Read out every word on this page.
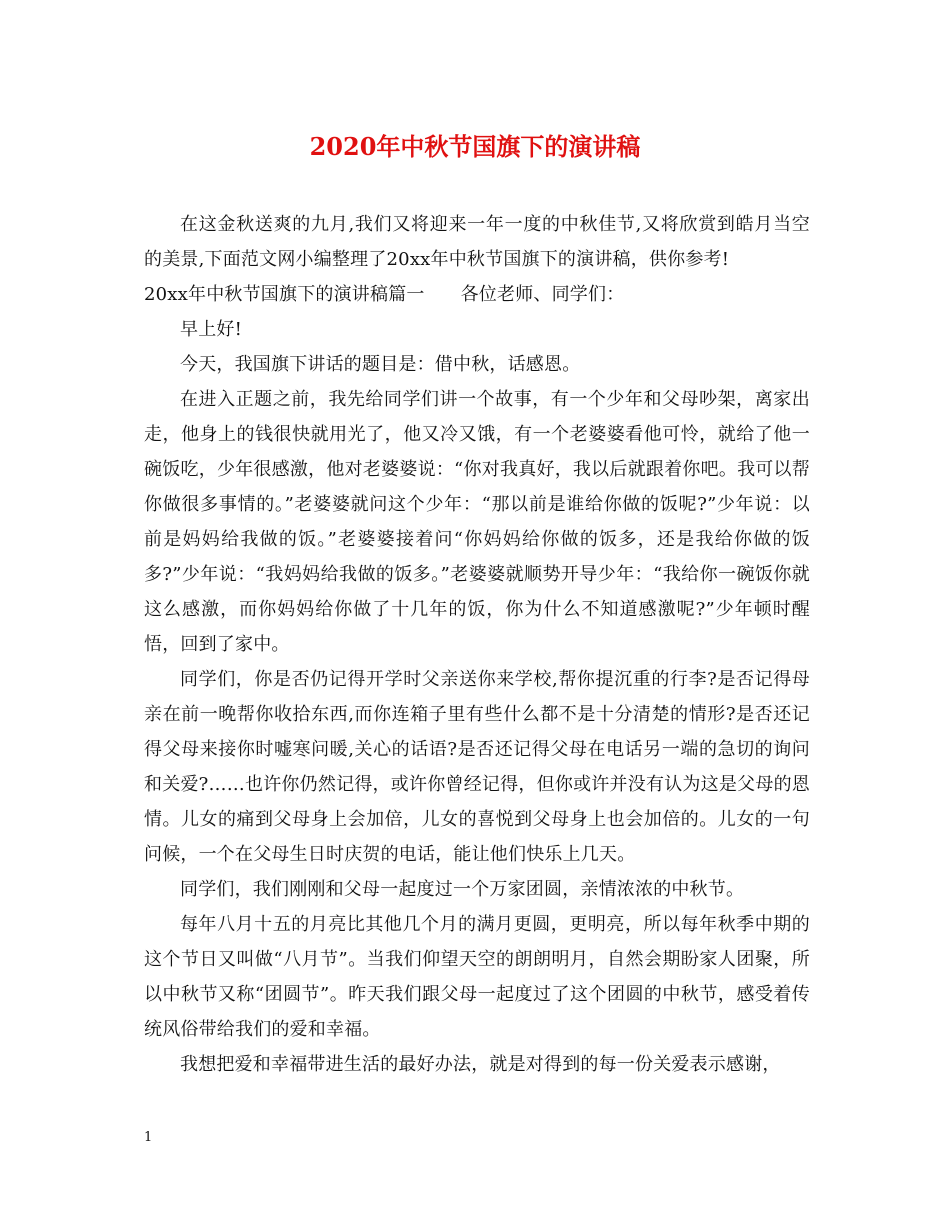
2020年中秋节国旗下的演讲稿

在这金秋送爽的九月,我们又将迎来一年一度的中秋佳节,又将欣赏到皓月当空的美景,下面范文网小编整理了20xx年中秋节国旗下的演讲稿，供你参考!

20xx年中秋节国旗下的演讲稿篇一 各位老师、同学们：

早上好!

今天，我国旗下讲话的题目是：借中秋，话感恩。

在进入正题之前，我先给同学们讲一个故事，有一个少年和父母吵架，离家出走，他身上的钱很快就用光了，他又冷又饿，有一个老婆婆看他可怜，就给了他一碗饭吃，少年很感激，他对老婆婆说：“你对我真好，我以后就跟着你吧。我可以帮你做很多事情的。”老婆婆就问这个少年：“那以前是谁给你做的饭呢?”少年说：以前是妈妈给我做的饭。”老婆婆接着问“你妈妈给你做的饭多，还是我给你做的饭多?”少年说：“我妈妈给我做的饭多。”老婆婆就顺势开导少年：“我给你一碗饭你就这么感激，而你妈妈给你做了十几年的饭，你为什么不知道感激呢?”少年顿时醒悟，回到了家中。

同学们，你是否仍记得开学时父亲送你来学校,帮你提沉重的行李?是否记得母亲在前一晚帮你收拾东西,而你连箱子里有些什么都不是十分清楚的情形?是否还记得父母来接你时嘘寒问暖,关心的话语?是否还记得父母在电话另一端的急切的询问和关爱?……也许你仍然记得，或许你曾经记得，但你或许并没有认为这是父母的恩情。儿女的痛到父母身上会加倍，儿女的喜悦到父母身上也会加倍的。儿女的一句问候，一个在父母生日时庆贺的电话，能让他们快乐上几天。

同学们，我们刚刚和父母一起度过一个万家团圆，亲情浓浓的中秋节。

每年八月十五的月亮比其他几个月的满月更圆，更明亮，所以每年秋季中期的这个节日又叫做“八月节”。当我们仰望天空的朗朗明月，自然会期盼家人团聚，所以中秋节又称“团圆节”。昨天我们跟父母一起度过了这个团圆的中秋节，感受着传统风俗带给我们的爱和幸福。

我想把爱和幸福带进生活的最好办法，就是对得到的每一份关爱表示感谢，

1
